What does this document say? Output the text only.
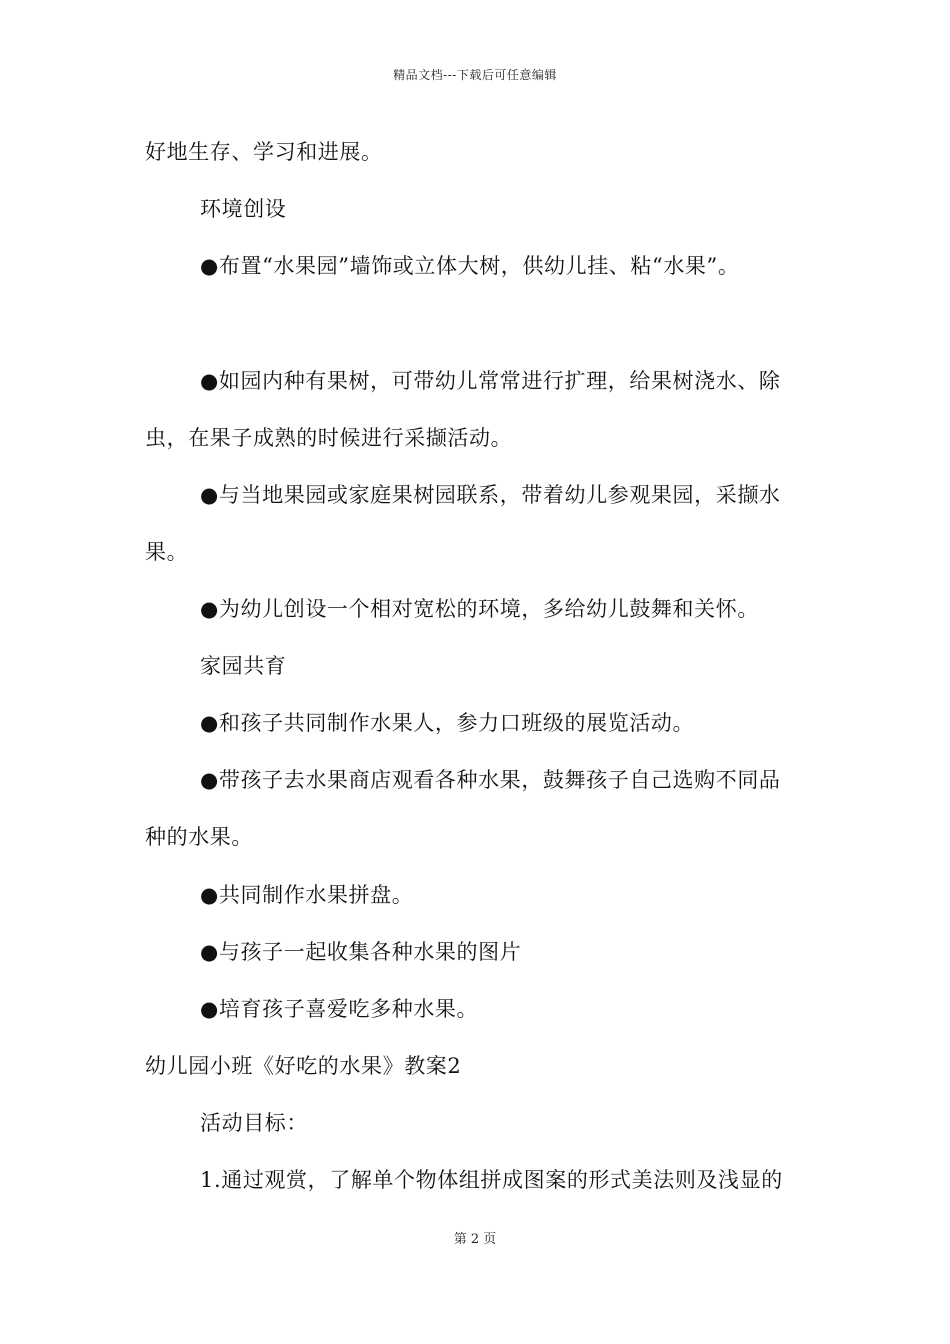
精品文档---下载后可任意编辑
好地生存、学习和进展。
环境创设
●布置“水果园”墙饰或立体大树，供幼儿挂、粘“水果”。
●如园内种有果树，可带幼儿常常进行扩理，给果树浇水、除
虫，在果子成熟的时候进行采撷活动。
●与当地果园或家庭果树园联系，带着幼儿参观果园，采撷水
果。
●为幼儿创设一个相对宽松的环境，多给幼儿鼓舞和关怀。
家园共育
●和孩子共同制作水果人，参力口班级的展览活动。
●带孩子去水果商店观看各种水果，鼓舞孩子自己选购不同品
种的水果。
●共同制作水果拼盘。
●与孩子一起收集各种水果的图片
●培育孩子喜爱吃多种水果。
幼儿园小班《好吃的水果》教案2
活动目标：
1.通过观赏，了解单个物体组拼成图案的形式美法则及浅显的
第 2 页
